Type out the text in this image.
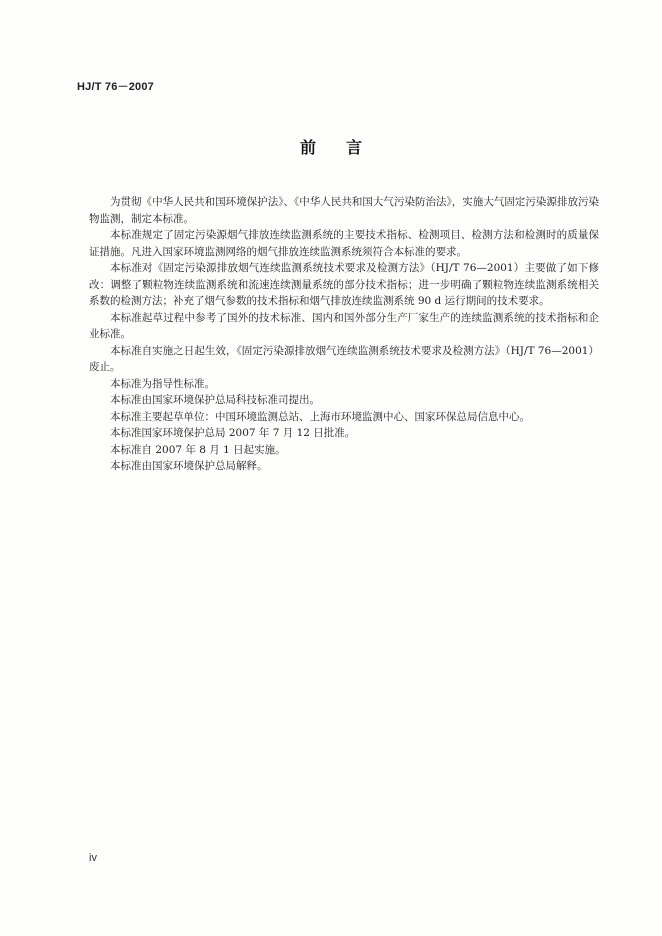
HJ/T 76－2007
前言

为贯彻《中华人民共和国环境保护法》、《中华人民共和国大气污染防治法》，实施大气固定污染源排放污染物监测，制定本标准。

本标准规定了固定污染源烟气排放连续监测系统的主要技术指标、检测项目、检测方法和检测时的质量保证措施。凡进入国家环境监测网络的烟气排放连续监测系统须符合本标准的要求。

本标准对《固定污染源排放烟气连续监测系统技术要求及检测方法》（HJ/T 76—2001）主要做了如下修改：调整了颗粒物连续监测系统和流速连续测量系统的部分技术指标；进一步明确了颗粒物连续监测系统相关系数的检测方法；补充了烟气参数的技术指标和烟气排放连续监测系统 90 d 运行期间的技术要求。

本标准起草过程中参考了国外的技术标准、国内和国外部分生产厂家生产的连续监测系统的技术指标和企业标准。

本标准自实施之日起生效，《固定污染源排放烟气连续监测系统技术要求及检测方法》（HJ/T 76—2001）废止。

本标准为指导性标准。

本标准由国家环境保护总局科技标准司提出。

本标准主要起草单位：中国环境监测总站、上海市环境监测中心、国家环保总局信息中心。

本标准国家环境保护总局 2007 年 7 月 12 日批准。

本标准自 2007 年 8 月 1 日起实施。

本标准由国家环境保护总局解释。

iv
